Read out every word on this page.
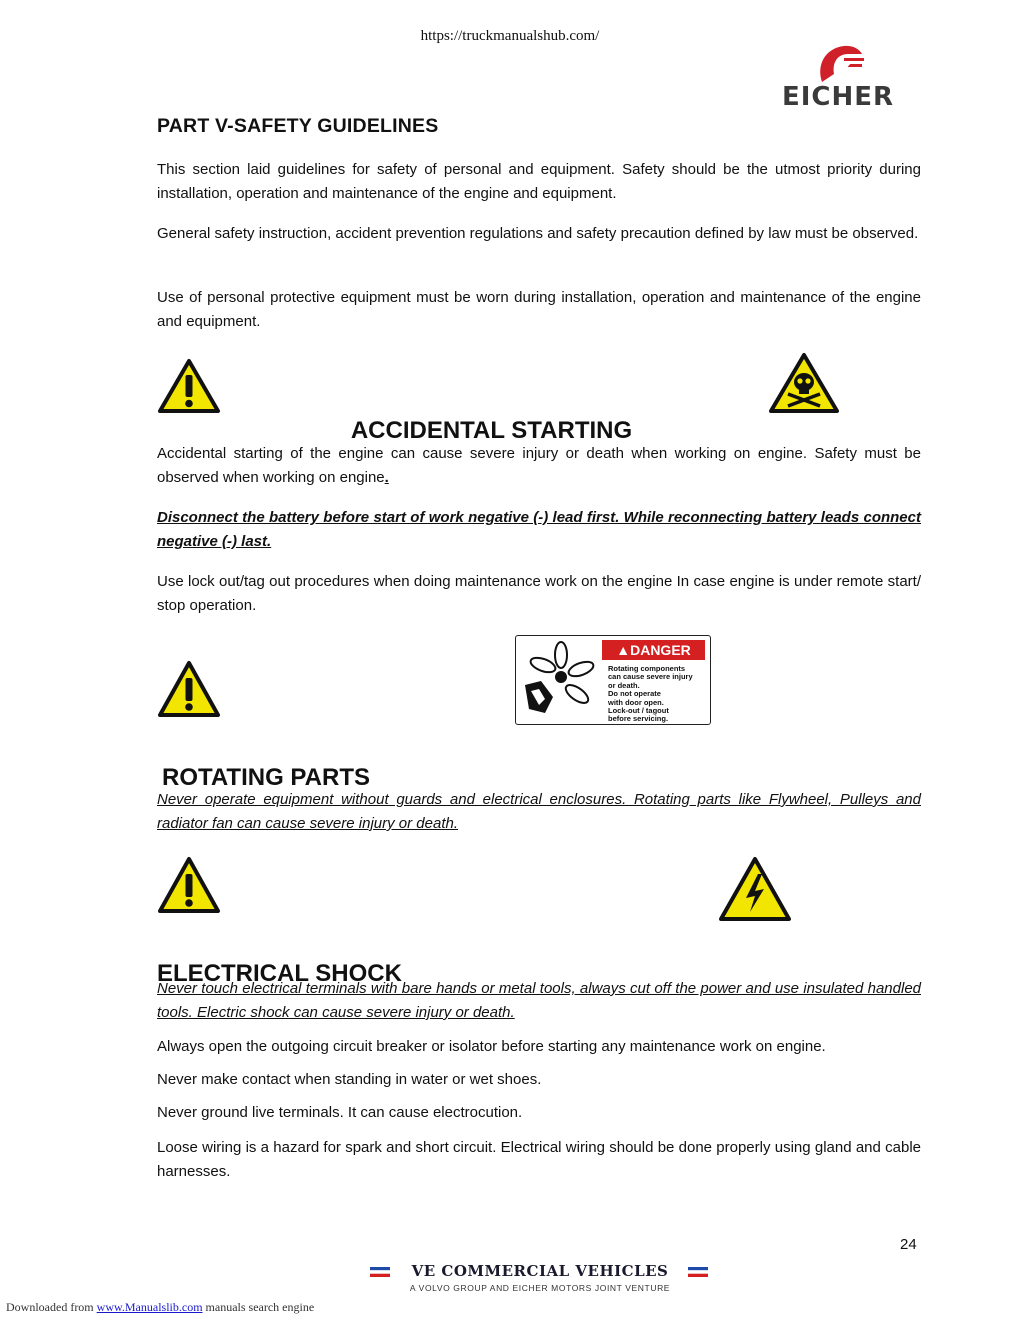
https://truckmanualshub.com/
EICHER
PART V-SAFETY GUIDELINES

This section laid guidelines for safety of personal and equipment. Safety should be the utmost priority during installation, operation and maintenance of the engine and equipment.

General safety instruction, accident prevention regulations and safety precaution defined by law must be observed.

Use of personal protective equipment must be worn during installation, operation and maintenance of the engine and equipment.

ACCIDENTAL STARTING

Accidental starting of the engine can cause severe injury or death when working on engine. Safety must be observed when working on engine.

Disconnect the battery before start of work negative (-) lead first. While reconnecting battery leads connect negative (-) last.

Use lock out/tag out procedures when doing maintenance work on the engine In case engine is under remote start/ stop operation.

▲DANGER
Rotating components
can cause severe injury
or death.
Do not operate
with door open.
Lock-out / tagout
before servicing.
ROTATING PARTS

Never operate equipment without guards and electrical enclosures. Rotating parts like Flywheel, Pulleys and radiator fan can cause severe injury or death.

ELECTRICAL SHOCK

Never touch electrical terminals with bare hands or metal tools, always cut off the power and use insulated handled tools. Electric shock can cause severe injury or death.

Always open the outgoing circuit breaker or isolator before starting any maintenance work on engine.

Never make contact when standing in water or wet shoes.

Never ground live terminals. It can cause electrocution.

Loose wiring is a hazard for spark and short circuit. Electrical wiring should be done properly using gland and cable harnesses.

24
VE COMMERCIAL VEHICLES
A VOLVO GROUP AND EICHER MOTORS JOINT VENTURE
Downloaded from www.Manualslib.com manuals search engine
